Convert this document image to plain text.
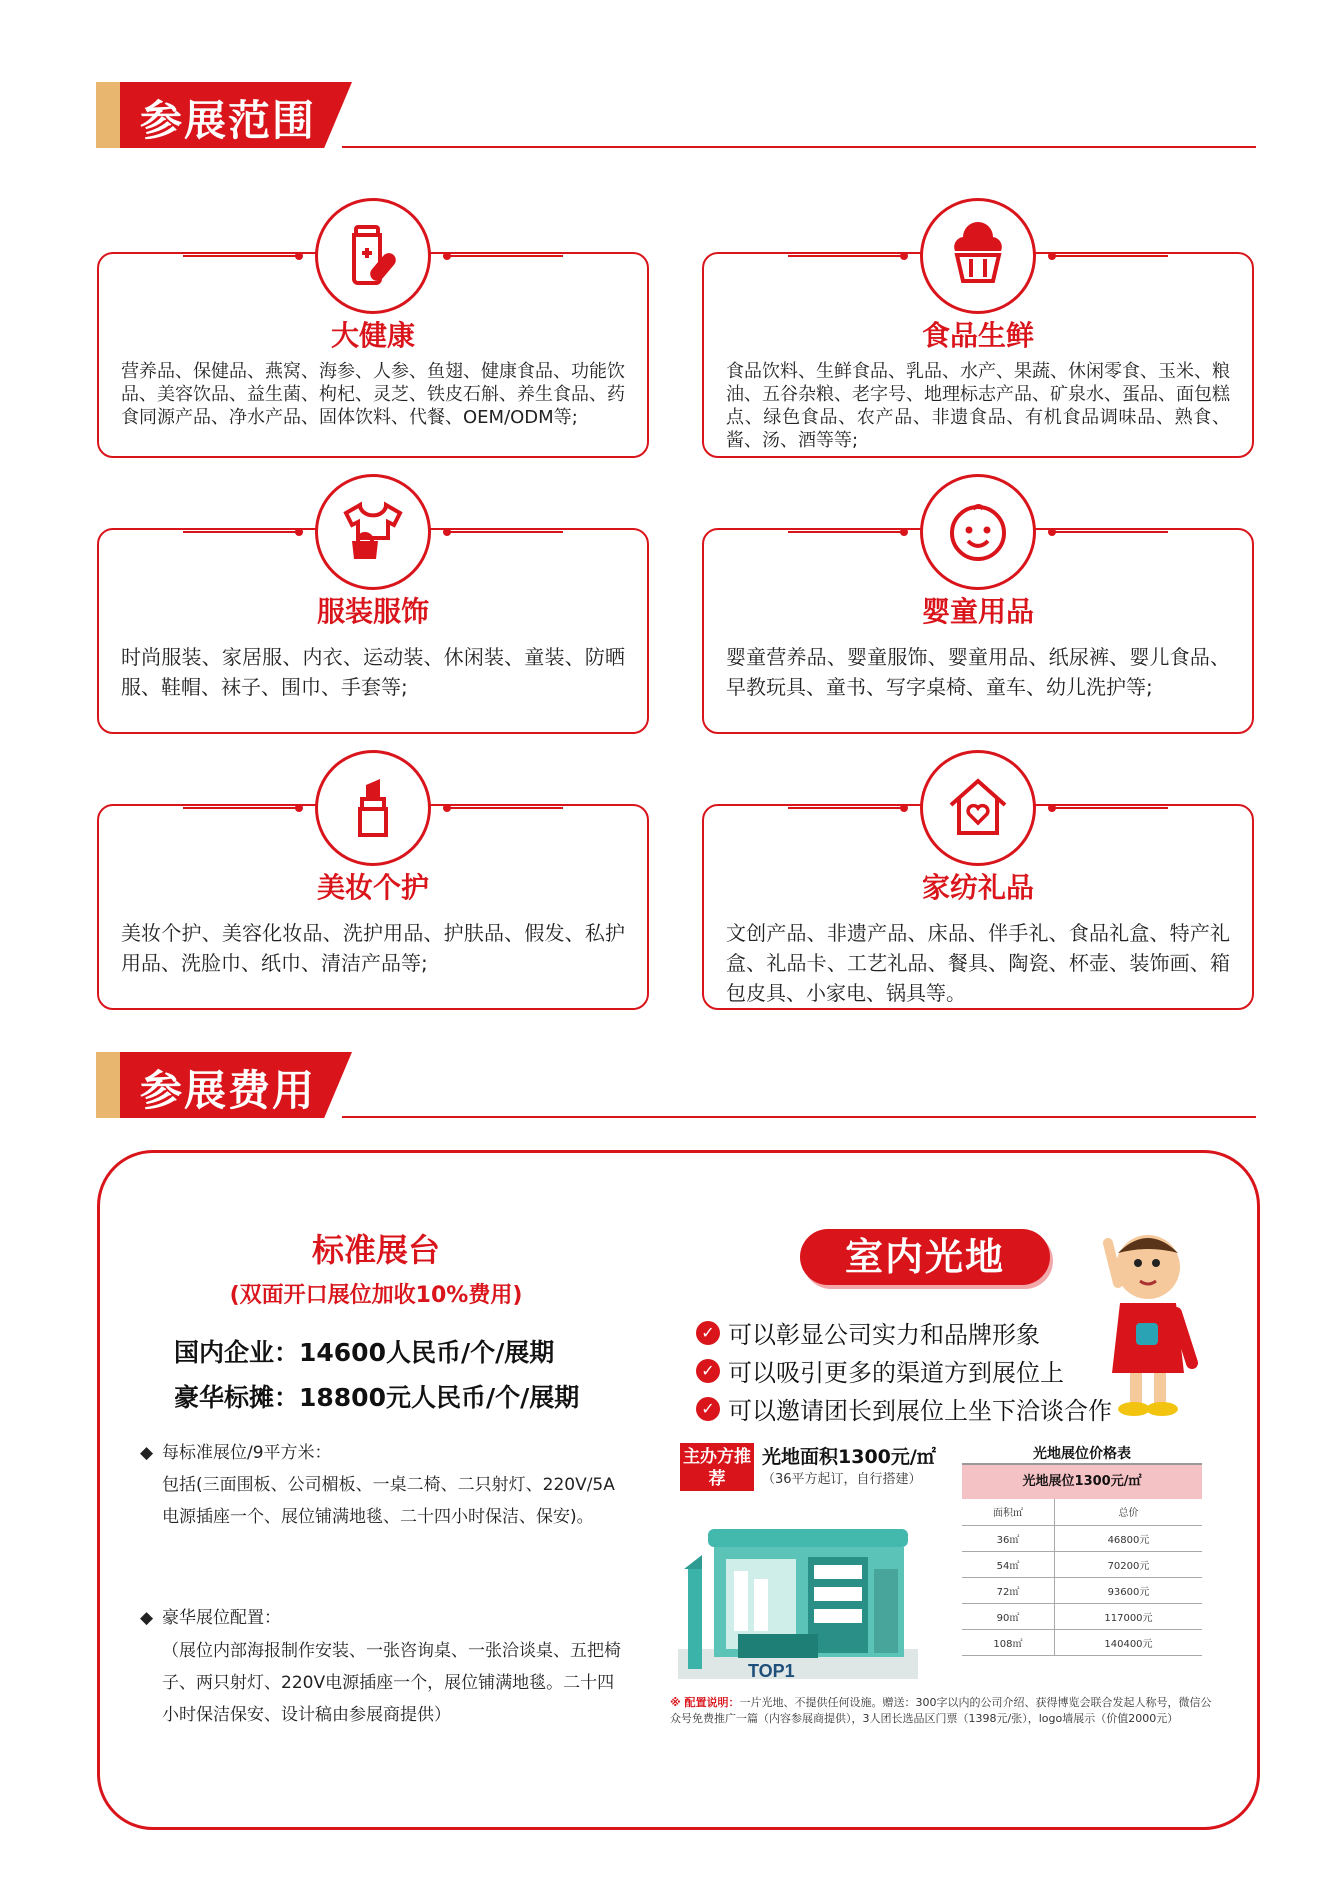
参展范围
大健康
营养品、保健品、燕窝、海参、人参、鱼翅、健康食品、功能饮品、美容饮品、益生菌、枸杞、灵芝、铁皮石斛、养生食品、药食同源产品、净水产品、固体饮料、代餐、OEM/ODM等;
食品生鲜
食品饮料、生鲜食品、乳品、水产、果蔬、休闲零食、玉米、粮油、五谷杂粮、老字号、地理标志产品、矿泉水、蛋品、面包糕点、绿色食品、农产品、非遗食品、有机食品调味品、熟食、酱、汤、酒等等;
服装服饰
时尚服装、家居服、内衣、运动装、休闲装、童装、防晒服、鞋帽、袜子、围巾、手套等;
婴童用品
婴童营养品、婴童服饰、婴童用品、纸尿裤、婴儿食品、早教玩具、童书、写字桌椅、童车、幼儿洗护等;
美妆个护
美妆个护、美容化妆品、洗护用品、护肤品、假发、私护用品、洗脸巾、纸巾、清洁产品等;
家纺礼品
文创产品、非遗产品、床品、伴手礼、食品礼盒、特产礼盒、礼品卡、工艺礼品、餐具、陶瓷、杯壶、装饰画、箱包皮具、小家电、锅具等。
参展费用
标准展台
(双面开口展位加收10%费用)
国内企业：14600人民币/个/展期
豪华标摊：18800元人民币/个/展期
◆ 每标准展位/9平方米：
包括(三面围板、公司楣板、一桌二椅、二只射灯、220V/5A电源插座一个、展位铺满地毯、二十四小时保洁、保安)。
◆ 豪华展位配置：
（展位内部海报制作安装、一张咨询桌、一张洽谈桌、五把椅子、两只射灯、220V电源插座一个，展位铺满地毯。二十四小时保洁保安、设计稿由参展商提供）
室内光地
✓ 可以彰显公司实力和品牌形象
✓ 可以吸引更多的渠道方到展位上
✓ 可以邀请团长到展位上坐下洽谈合作
主办方推荐
光地面积1300元/㎡
（36平方起订，自行搭建）
TOP1
光地展位价格表
光地展位1300元/㎡
面积㎡	总价
36㎡	46800元
54㎡	70200元
72㎡	93600元
90㎡	117000元
108㎡	140400元
※ 配置说明：一片光地、不提供任何设施。赠送：300字以内的公司介绍、获得博览会联合发起人称号，微信公众号免费推广一篇（内容参展商提供），3人团长选品区门票（1398元/张），logo墙展示（价值2000元）
